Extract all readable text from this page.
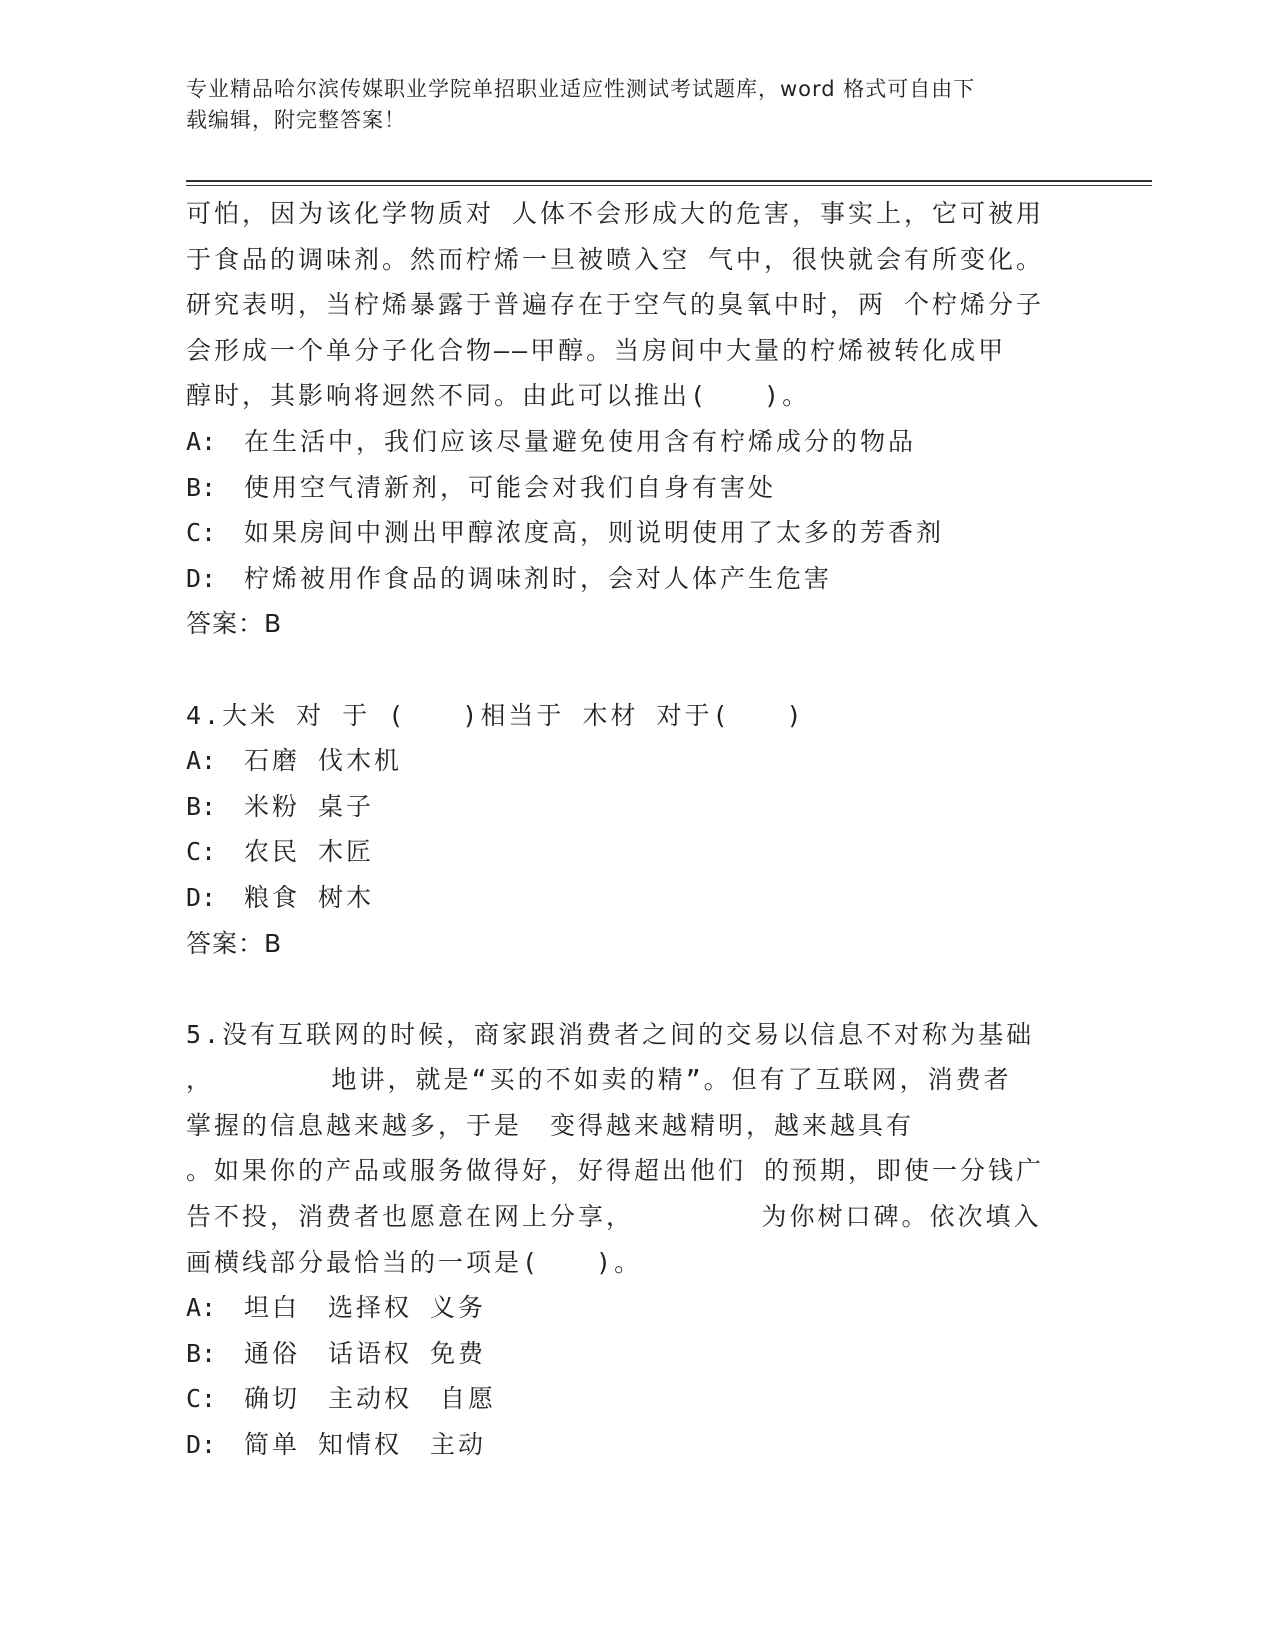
专业精品哈尔滨传媒职业学院单招职业适应性测试考试题库，word 格式可自由下
载编辑，附完整答案！
可怕，因为该化学物质对 人体不会形成大的危害，事实上，它可被用
于食品的调味剂。然而柠烯一旦被喷入空 气中，很快就会有所变化。
研究表明，当柠烯暴露于普遍存在于空气的臭氧中时，两 个柠烯分子
会形成一个单分子化合物——甲醇。当房间中大量的柠烯被转化成甲
醇时，其影响将迥然不同。由此可以推出(　　)。
A: 在生活中，我们应该尽量避免使用含有柠烯成分的物品
B: 使用空气清新剂，可能会对我们自身有害处
C: 如果房间中测出甲醇浓度高，则说明使用了太多的芳香剂
D: 柠烯被用作食品的调味剂时，会对人体产生危害
答案：B
4.大米 对 于 (　　)相当于 木材 对于(　　)
A: 石磨 伐木机
B: 米粉 桌子
C: 农民 木匠
D: 粮食 树木
答案：B
5.没有互联网的时候，商家跟消费者之间的交易以信息不对称为基础
，　　　　 地讲，就是“买的不如卖的精”。但有了互联网，消费者
掌握的信息越来越多，于是　变得越来越精明，越来越具有
。如果你的产品或服务做得好，好得超出他们 的预期，即使一分钱广
告不投，消费者也愿意在网上分享，　　　　　为你树口碑。依次填入
画横线部分最恰当的一项是(　　)。
A: 坦白　选择权 义务
B: 通俗　话语权 免费
C: 确切　主动权　自愿
D: 简单 知情权　主动
